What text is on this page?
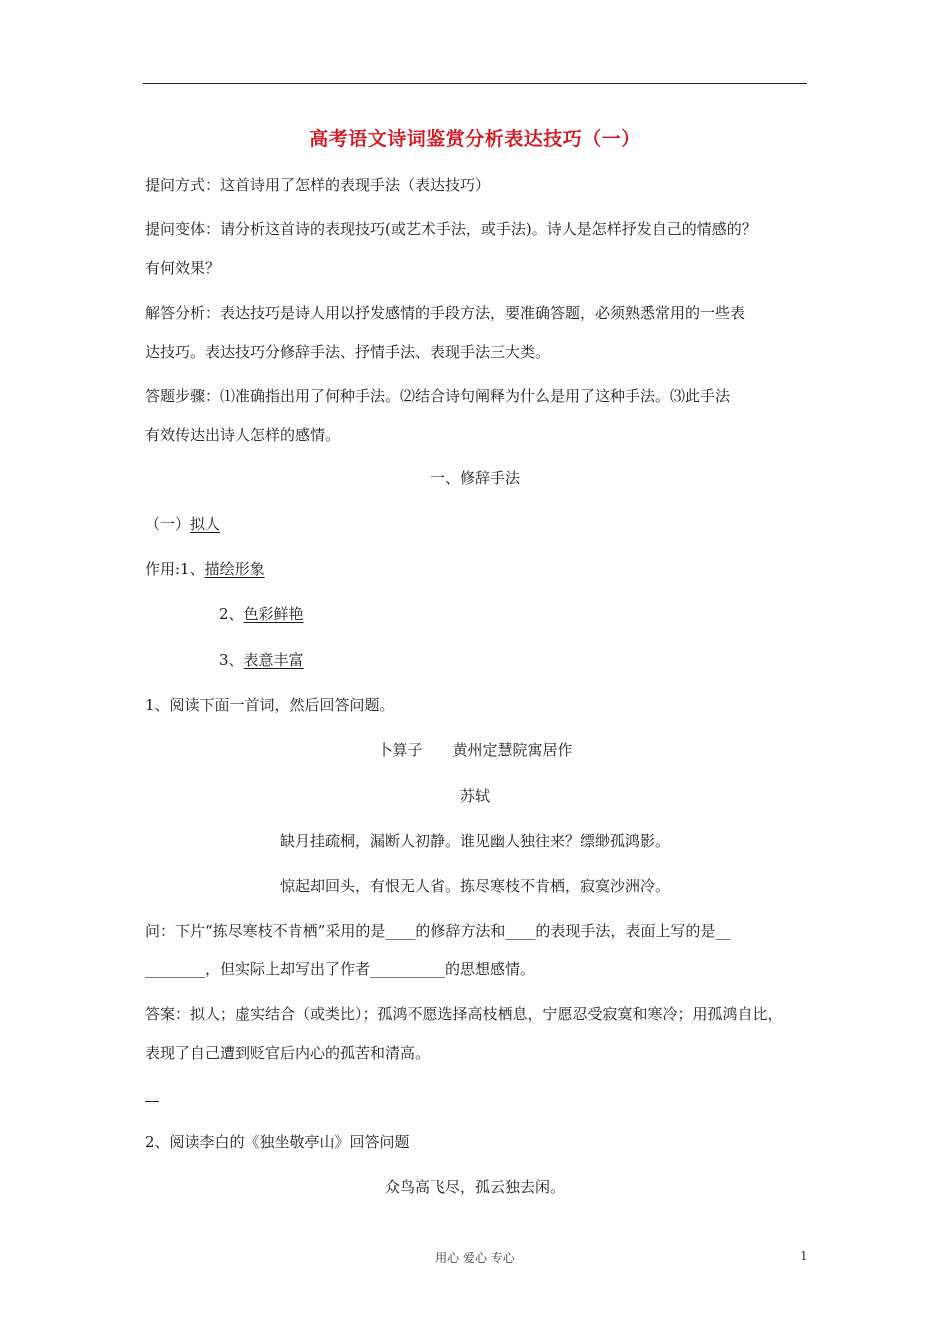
高考语文诗词鉴赏分析表达技巧（一）
提问方式：这首诗用了怎样的表现手法（表达技巧）
提问变体：请分析这首诗的表现技巧(或艺术手法，或手法)。诗人是怎样抒发自己的情感的？
有何效果？
解答分析：表达技巧是诗人用以抒发感情的手段方法，要准确答题，必须熟悉常用的一些表
达技巧。表达技巧分修辞手法、抒情手法、表现手法三大类。
答题步骤：⑴准确指出用了何种手法。⑵结合诗句阐释为什么是用了这种手法。⑶此手法
有效传达出诗人怎样的感情。
一、修辞手法
（一）拟人
作用:1、描绘形象
2、色彩鲜艳
3、表意丰富
1、阅读下面一首词，然后回答问题。
卜算子　　黄州定慧院寓居作
苏轼
缺月挂疏桐，漏断人初静。谁见幽人独往来？缥缈孤鸿影。
惊起却回头，有恨无人省。拣尽寒枝不肯栖，寂寞沙洲冷。
问：下片“拣尽寒枝不肯栖”采用的是____的修辞方法和____的表现手法，表面上写的是__
________，但实际上却写出了作者__________的思想感情。
答案：拟人；虚实结合（或类比）；孤鸿不愿选择高枝栖息，宁愿忍受寂寞和寒冷；用孤鸿自比，
表现了自己遭到贬官后内心的孤苦和清高。
2、阅读李白的《独坐敬亭山》回答问题
众鸟高飞尽，孤云独去闲。
用心 爱心 专心	1
